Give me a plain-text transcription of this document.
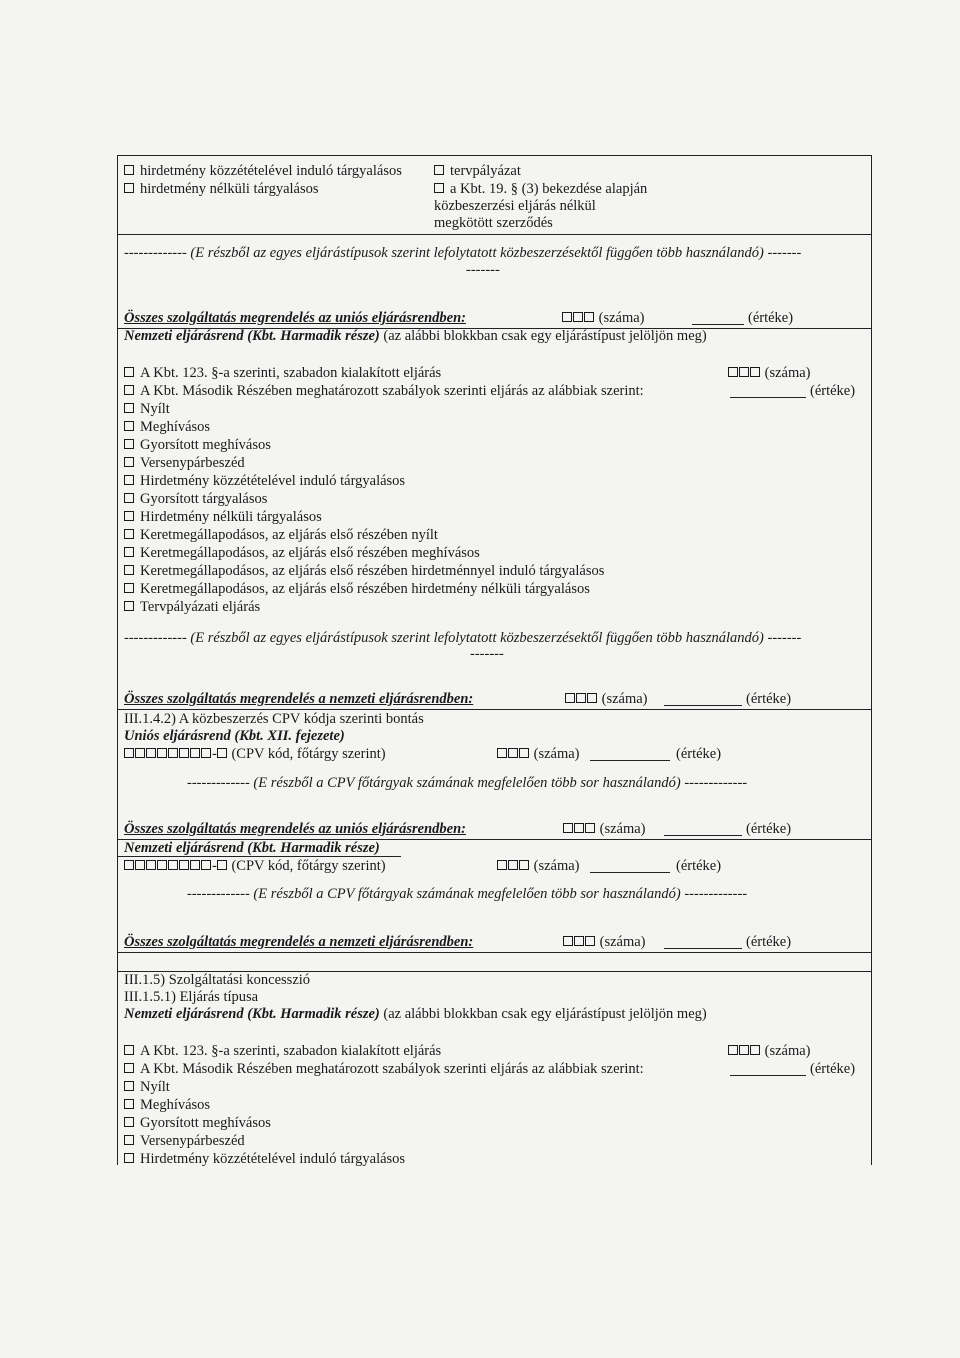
hirdetmény közzétételével induló tárgyalásos
hirdetmény nélküli tárgyalásos
tervpályázat
a Kbt. 19. § (3) bekezdése alapján
közbeszerzési eljárás nélkül
megkötött szerződés
------------- (E részből az egyes eljárástípusok szerint lefolytatott közbeszerzésektől függően több használandó) -------
-------
Összes szolgáltatás megrendelés az uniós eljárásrendben:	(száma)	(értéke)
Nemzeti eljárásrend (Kbt. Harmadik része) (az alábbi blokkban csak egy eljárástípust jelöljön meg)
A Kbt. 123. §-a szerinti, szabadon kialakított eljárás	(száma)
A Kbt. Második Részében meghatározott szabályok szerinti eljárás az alábbiak szerint:	(értéke)
Nyílt
Meghívásos
Gyorsított meghívásos
Versenypárbeszéd
Hirdetmény közzétételével induló tárgyalásos
Gyorsított tárgyalásos
Hirdetmény nélküli tárgyalásos
Keretmegállapodásos, az eljárás első részében nyílt
Keretmegállapodásos, az eljárás első részében meghívásos
Keretmegállapodásos, az eljárás első részében hirdetménnyel induló tárgyalásos
Keretmegállapodásos, az eljárás első részében hirdetmény nélküli tárgyalásos
Tervpályázati eljárás
------------- (E részből az egyes eljárástípusok szerint lefolytatott közbeszerzésektől függően több használandó) -------
-------
Összes szolgáltatás megrendelés a nemzeti eljárásrendben:	(száma)	(értéke)
III.1.4.2) A közbeszerzés CPV kódja szerinti bontás
Uniós eljárásrend (Kbt. XII. fejezete)
- (CPV kód, főtárgy szerint)	(száma)	(értéke)
------------- (E részből a CPV főtárgyak számának megfelelően több sor használandó) -------------
Összes szolgáltatás megrendelés az uniós eljárásrendben:	(száma)	(értéke)
Nemzeti eljárásrend (Kbt. Harmadik része)
- (CPV kód, főtárgy szerint)	(száma)	(értéke)
------------- (E részből a CPV főtárgyak számának megfelelően több sor használandó) -------------
Összes szolgáltatás megrendelés a nemzeti eljárásrendben:	(száma)	(értéke)
III.1.5) Szolgáltatási koncesszió
III.1.5.1) Eljárás típusa
Nemzeti eljárásrend (Kbt. Harmadik része) (az alábbi blokkban csak egy eljárástípust jelöljön meg)
A Kbt. 123. §-a szerinti, szabadon kialakított eljárás	(száma)
A Kbt. Második Részében meghatározott szabályok szerinti eljárás az alábbiak szerint:	(értéke)
Nyílt
Meghívásos
Gyorsított meghívásos
Versenypárbeszéd
Hirdetmény közzétételével induló tárgyalásos
